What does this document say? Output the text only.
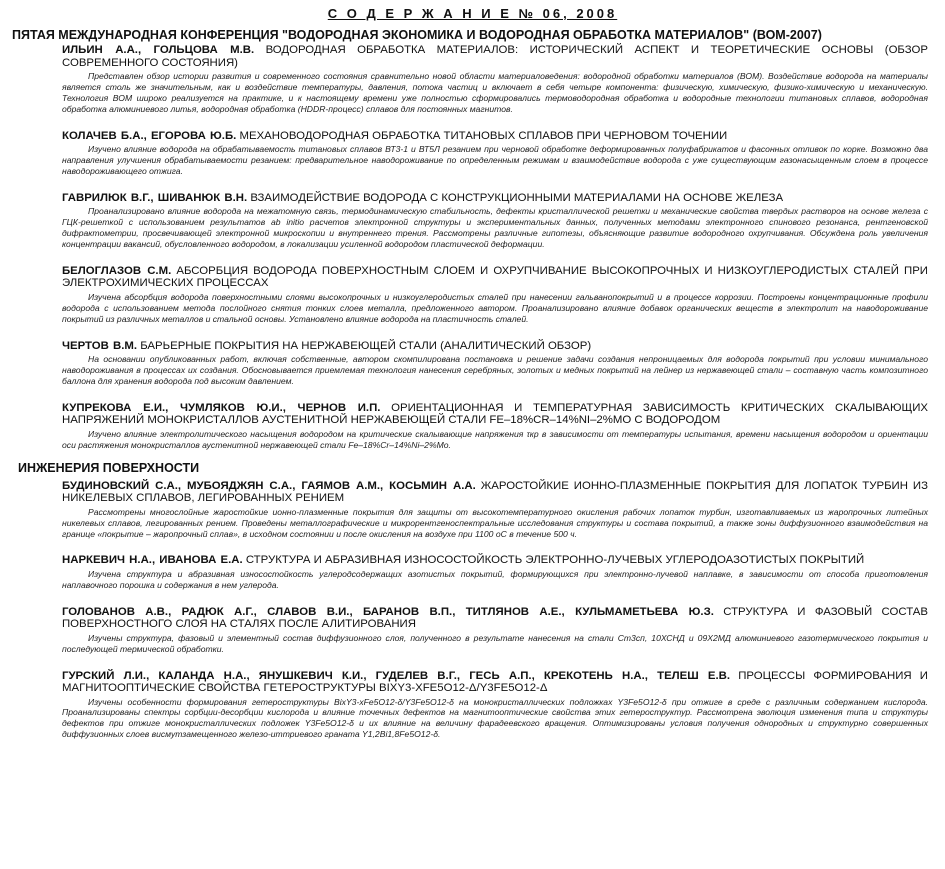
С О Д Е Р Ж А Н И Е № 06, 2008
ПЯТАЯ МЕЖДУНАРОДНАЯ КОНФЕРЕНЦИЯ "ВОДОРОДНАЯ ЭКОНОМИКА И ВОДОРОДНАЯ ОБРАБОТКА МАТЕРИАЛОВ" (ВОМ-2007)
ИЛЬИН А.А., ГОЛЬЦОВА М.В. ВОДОРОДНАЯ ОБРАБОТКА МАТЕРИАЛОВ: ИСТОРИЧЕСКИЙ АСПЕКТ И ТЕОРЕТИЧЕСКИЕ ОСНОВЫ (ОБЗОР СОВРЕМЕННОГО СОСТОЯНИЯ)
Представлен обзор истории развития и современного состояния сравнительно новой области материаловедения: водородной обработки материалов (ВОМ). Воздействие водорода на материалы является столь же значительным, как и воздействие температуры, давления, потока частиц и включает в себя четыре компонента: физическую, химическую, физико-химическую и механическую. Технология ВОМ широко реализуется на практике, и к настоящему времени уже полностью сформировались термоводородная обработка и водородные технологии титановых сплавов, водородная обработка алюминиевого литья, водородная обработка (HDDR-процесс) сплавов для постоянных магнитов.
КОЛАЧЕВ Б.А., ЕГОРОВА Ю.Б. МЕХАНОВОДОРОДНАЯ ОБРАБОТКА ТИТАНОВЫХ СПЛАВОВ ПРИ ЧЕРНОВОМ ТОЧЕНИИ
Изучено влияние водорода на обрабатываемость титановых сплавов ВТ3-1 и ВТ5Л резанием при черновой обработке деформированных полуфабрикатов и фасонных отливок по корке. Возможно два направления улучшения обрабатываемости резанием: предварительное наводороживание по определенным режимам и взаимодействие водорода с уже существующим газонасыщенным слоем в процессе наводороживающего отжига.
ГАВРИЛЮК В.Г., ШИВАНЮК В.Н. ВЗАИМОДЕЙСТВИЕ ВОДОРОДА С КОНСТРУКЦИОННЫМИ МАТЕРИАЛАМИ НА ОСНОВЕ ЖЕЛЕЗА
Проанализировано влияние водорода на межатомную связь, термодинамическую стабильность, дефекты кристаллической решетки и механические свойства твердых растворов на основе железа с ГЦК-решеткой с использованием результатов ab initio расчетов электронной структуры и экспериментальных данных, полученных методами электронного спинового резонанса, рентгеновской дифрактометрии, просвечивающей электронной микроскопии и внутреннего трения. Рассмотрены различные гипотезы, объясняющие развитие водородного охрупчивания. Обсуждена роль увеличения концентрации вакансий, обусловленного водородом, в локализации усиленной водородом пластической деформации.
БЕЛОГЛАЗОВ С.М. АБСОРБЦИЯ ВОДОРОДА ПОВЕРХНОСТНЫМ СЛОЕМ И ОХРУПЧИВАНИЕ ВЫСОКОПРОЧНЫХ И НИЗКОУГЛЕРОДИСТЫХ СТАЛЕЙ ПРИ ЭЛЕКТРОХИМИЧЕСКИХ ПРОЦЕССАХ
Изучена абсорбция водорода поверхностными слоями высокопрочных и низкоуглеродистых сталей при нанесении гальванопокрытий и в процессе коррозии. Построены концентрационные профили водорода с использованием метода послойного снятия тонких слоев металла, предложенного автором. Проанализировано влияние добавок органических веществ в электролит на наводороживание покрытий из различных металлов и стальной основы. Установлено влияние водорода на пластичность сталей.
ЧЕРТОВ В.М. БАРЬЕРНЫЕ ПОКРЫТИЯ НА НЕРЖАВЕЮЩЕЙ СТАЛИ (АНАЛИТИЧЕСКИЙ ОБЗОР)
На основании опубликованных работ, включая собственные, автором скомпилирована постановка и решение задачи создания непроницаемых для водорода покрытий при условии минимального наводороживания в процессах их создания. Обосновывается приемлемая технология нанесения серебряных, золотых и медных покрытий на лейнер из нержавеющей стали – составную часть композитного баллона для хранения водорода под высоким давлением.
КУПРЕКОВА Е.И., ЧУМЛЯКОВ Ю.И., ЧЕРНОВ И.П. ОРИЕНТАЦИОННАЯ И ТЕМПЕРАТУРНАЯ ЗАВИСИМОСТЬ КРИТИЧЕСКИХ СКАЛЫВАЮЩИХ НАПРЯЖЕНИЙ МОНОКРИСТАЛЛОВ АУСТЕНИТНОЙ НЕРЖАВЕЮЩЕЙ СТАЛИ FE–18%CR–14%NI–2%MO С ВОДОРОДОМ
Изучено влияние электролитического насыщения водородом на критические скалывающие напряжения τкр в зависимости от температуры испытания, времени насыщения водородом и ориентации оси растяжения монокристаллов аустенитной нержавеющей стали Fe–18%Cr–14%Ni–2%Mo.
ИНЖЕНЕРИЯ ПОВЕРХНОСТИ
БУДИНОВСКИЙ С.А., МУБОЯДЖЯН С.А., ГАЯМОВ А.М., КОСЬМИН А.А. ЖАРОСТОЙКИЕ ИОННО-ПЛАЗМЕННЫЕ ПОКРЫТИЯ ДЛЯ ЛОПАТОК ТУРБИН ИЗ НИКЕЛЕВЫХ СПЛАВОВ, ЛЕГИРОВАННЫХ РЕНИЕМ
Рассмотрены многослойные жаростойкие ионно-плазменные покрытия для защиты от высокотемпературного окисления рабочих лопаток турбин, изготавливаемых из жаропрочных литейных никелевых сплавов, легированных рением. Проведены металлографические и микрорентгеноспектральные исследования структуры и состава покрытий, а также зоны диффузионного взаимодействия на границе «покрытие – жаропрочный сплав», в исходном состоянии и после окисления на воздухе при 1100 оС в течение 500 ч.
НАРКЕВИЧ Н.А., ИВАНОВА Е.А. СТРУКТУРА И АБРАЗИВНАЯ ИЗНОСОСТОЙКОСТЬ ЭЛЕКТРОННО-ЛУЧЕВЫХ УГЛЕРОДОАЗОТИСТЫХ ПОКРЫТИЙ
Изучена структура и абразивная износостойкость углеродсодержащих азотистых покрытий, формирующихся при электронно-лучевой наплавке, в зависимости от способа приготовления наплавочного порошка и содержания в нем углерода.
ГОЛОВАНОВ А.В., РАДЮК А.Г., СЛАВОВ В.И., БАРАНОВ В.П., ТИТЛЯНОВ А.Е., КУЛЬМАМЕТЬЕВА Ю.З. СТРУКТУРА И ФАЗОВЫЙ СОСТАВ ПОВЕРХНОСТНОГО СЛОЯ НА СТАЛЯХ ПОСЛЕ АЛИТИРОВАНИЯ
Изучены структура, фазовый и элементный состав диффузионного слоя, полученного в результате нанесения на стали Ст3сп, 10ХСНД и 09Х2МД алюминиевого газотермического покрытия и последующей термической обработки.
ГУРСКИЙ Л.И., КАЛАНДА Н.А., ЯНУШКЕВИЧ К.И., ГУДЕЛЕВ В.Г., ГЕСЬ А.П., КРЕКОТЕНЬ Н.А., ТЕЛЕШ Е.В. ПРОЦЕССЫ ФОРМИРОВАНИЯ И МАГНИТООПТИЧЕСКИЕ СВОЙСТВА ГЕТЕРОСТРУКТУРЫ BIXY3-XFE5O12-Δ/Y3FE5O12-Δ
Изучены особенности формирования гетероструктуры BixY3-xFe5O12-δ/Y3Fe5O12-δ на монокристаллических подложках Y3Fe5O12-δ при отжиге в среде с различным содержанием кислорода. Проанализированы спектры сорбции-десорбции кислорода и влияние точечных дефектов на магнитооптические свойства этих гетероструктур. Рассмотрена эволюция изменения типа и структуры дефектов при отжиге монокристаллических подложек Y3Fe5O12-δ и их влияние на величину фарадеевского вращения. Оптимизированы условия получения однородных и структурно совершенных диффузионных слоев висмутзамещенного железо-иттриевого граната Y1,2Bi1,8Fe5O12-δ.
